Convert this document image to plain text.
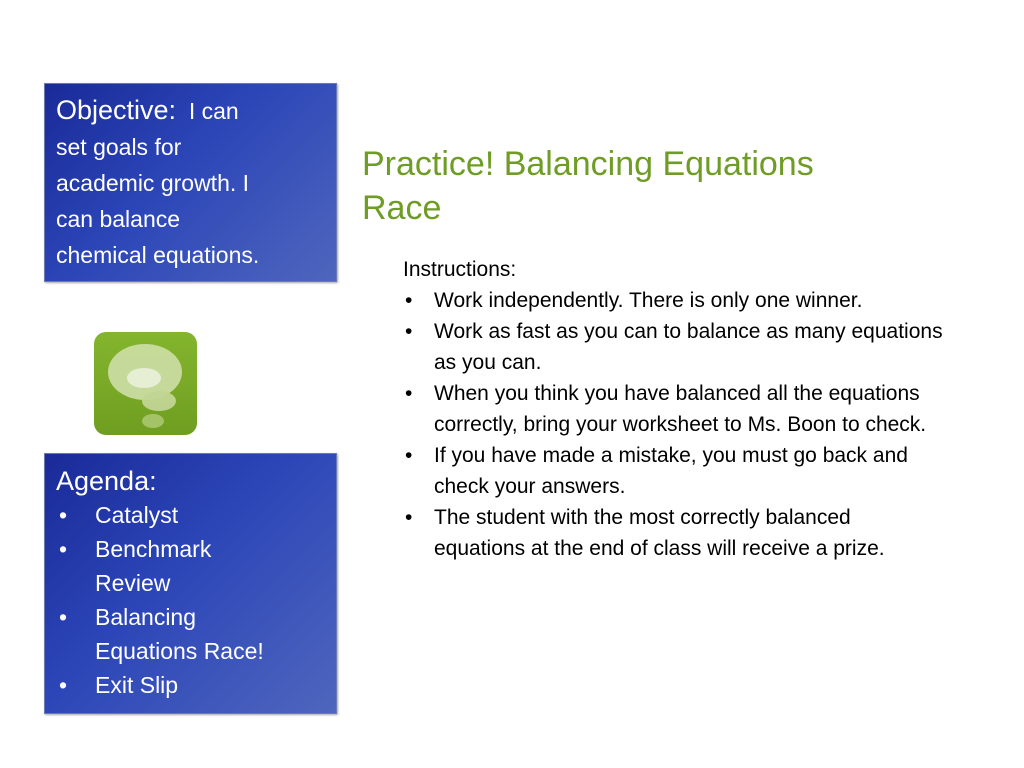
Objective: I can
set goals for
academic growth. I
can balance
chemical equations.

Agenda:

• Catalyst
• Benchmark
Review
• Balancing
Equations Race!
• Exit Slip
Practice! Balancing Equations
Race

Instructions:

• Work independently. There is only one winner.
• Work as fast as you can to balance as many equations as you can.
• When you think you have balanced all the equations correctly, bring your worksheet to Ms. Boon to check.
• If you have made a mistake, you must go back and check your answers.
• The student with the most correctly balanced equations at the end of class will receive a prize.
